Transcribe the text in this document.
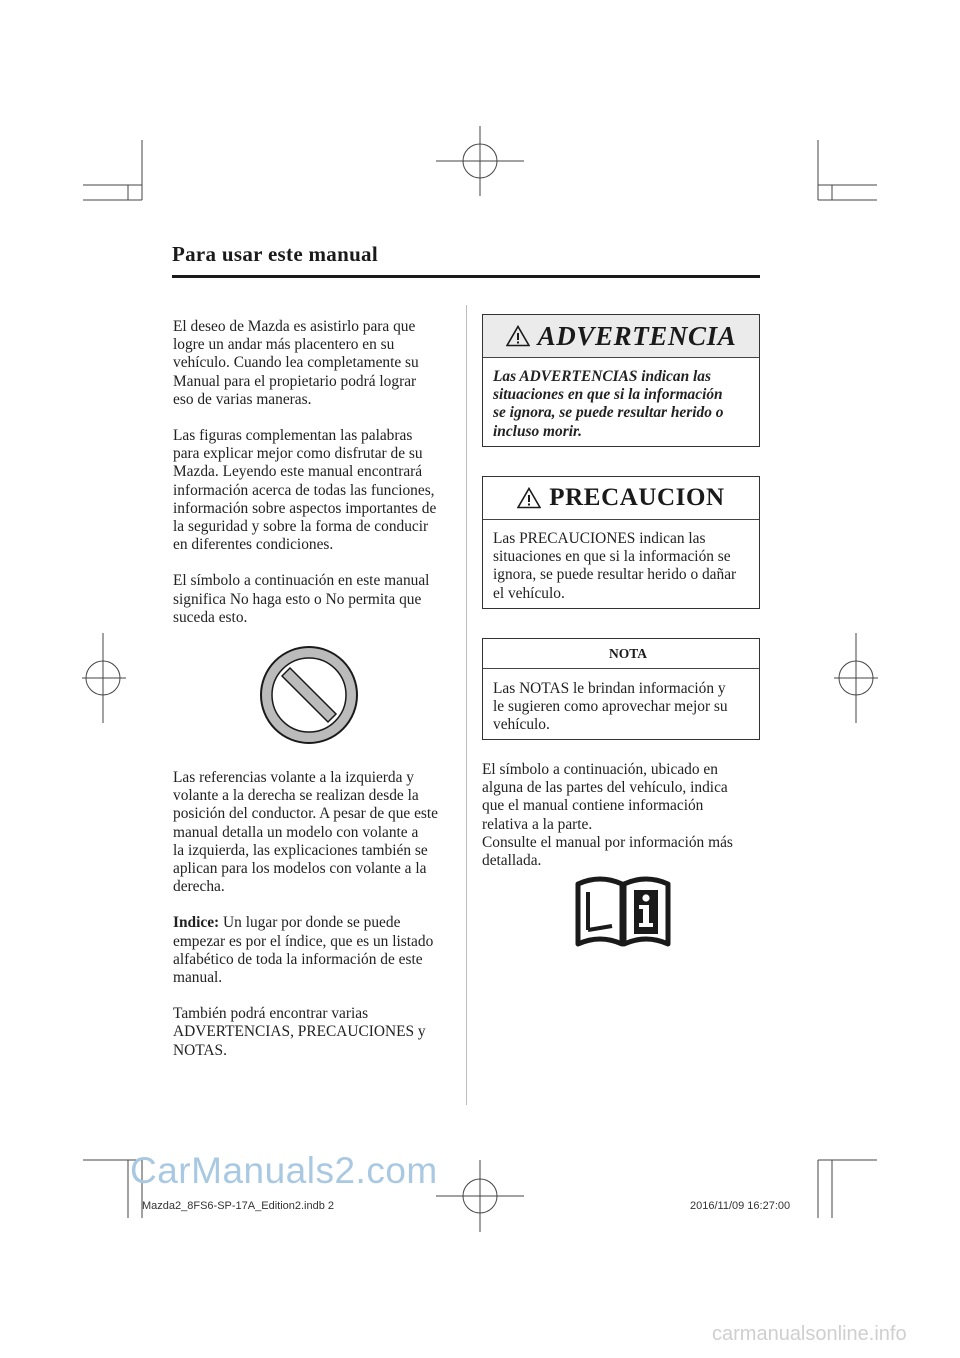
Para usar este manual

El deseo de Mazda es asistirlo para que
logre un andar más placentero en su
vehículo. Cuando lea completamente su
Manual para el propietario podrá lograr
eso de varias maneras.

Las figuras complementan las palabras
para explicar mejor como disfrutar de su
Mazda. Leyendo este manual encontrará
información acerca de todas las funciones,
información sobre aspectos importantes de
la seguridad y sobre la forma de conducir
en diferentes condiciones.

El símbolo a continuación en este manual
significa No haga esto o No permita que
suceda esto.

Las referencias volante a la izquierda y
volante a la derecha se realizan desde la
posición del conductor. A pesar de que este
manual detalla un modelo con volante a
la izquierda, las explicaciones también se
aplican para los modelos con volante a la
derecha.

Indice: Un lugar por donde se puede
empezar es por el índice, que es un listado
alfabético de toda la información de este
manual.

También podrá encontrar varias
ADVERTENCIAS, PRECAUCIONES y
NOTAS.

ADVERTENCIA
Las ADVERTENCIAS indican las
situaciones en que si la información
se ignora, se puede resultar herido o
incluso morir.
PRECAUCION
Las PRECAUCIONES indican las
situaciones en que si la información se
ignora, se puede resultar herido o dañar
el vehículo.
NOTA
Las NOTAS le brindan información y
le sugieren como aprovechar mejor su
vehículo.

El símbolo a continuación, ubicado en
alguna de las partes del vehículo, indica
que el manual contiene información
relativa a la parte.
Consulte el manual por información más
detallada.

CarManuals2.com
Mazda2_8FS6-SP-17A_Edition2.indb 2	2016/11/09 16:27:00
carmanualsonline.info
